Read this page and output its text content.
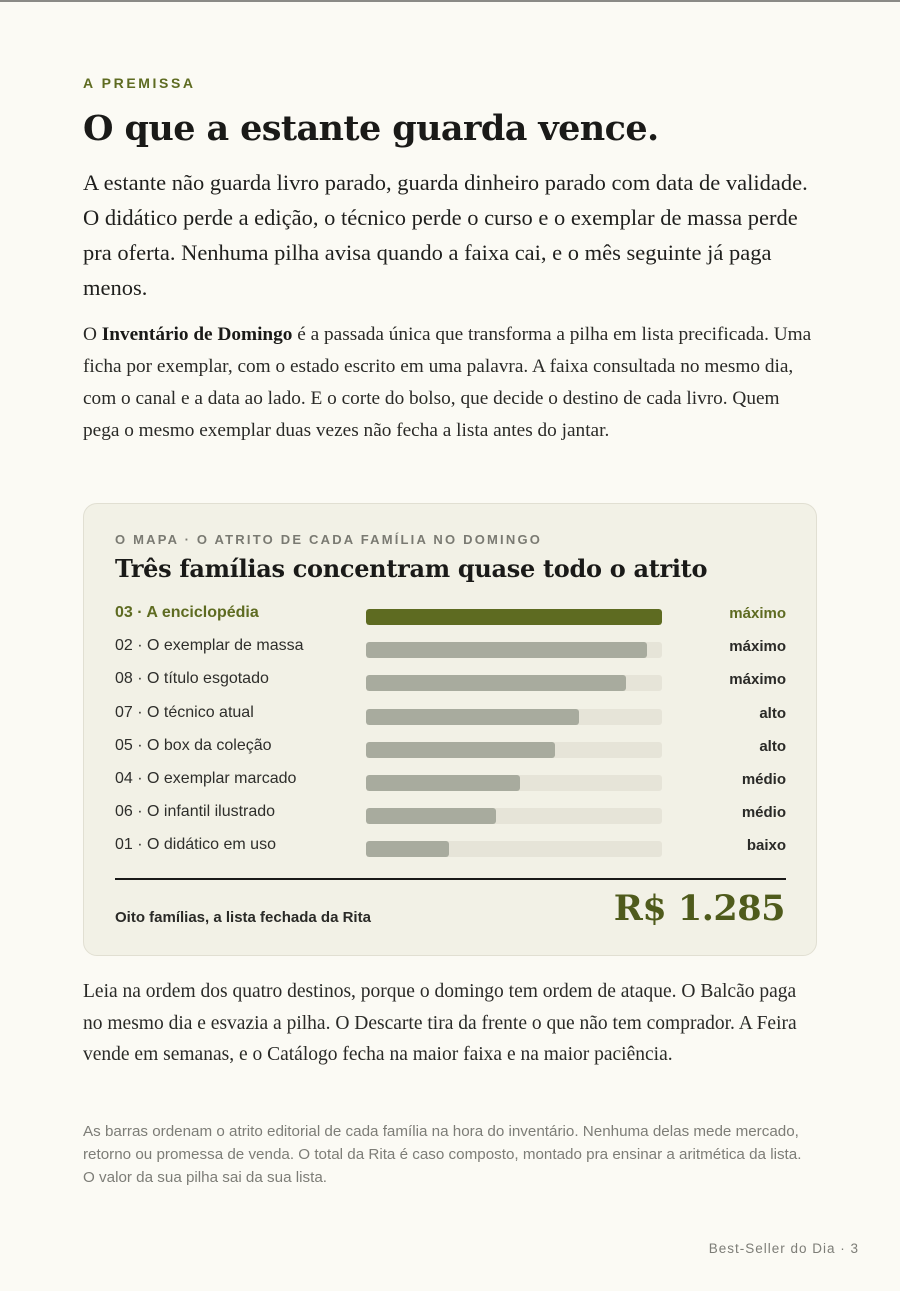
A PREMISSA
O que a estante guarda vence.

A estante não guarda livro parado, guarda dinheiro parado com data de validade. O didático perde a edição, o técnico perde o curso e o exemplar de massa perde pra oferta. Nenhuma pilha avisa quando a faixa cai, e o mês seguinte já paga menos.

O Inventário de Domingo é a passada única que transforma a pilha em lista precificada. Uma ficha por exemplar, com o estado escrito em uma palavra. A faixa consultada no mesmo dia, com o canal e a data ao lado. E o corte do bolso, que decide o destino de cada livro. Quem pega o mesmo exemplar duas vezes não fecha a lista antes do jantar.

O MAPA · O ATRITO DE CADA FAMÍLIA NO DOMINGO
Três famílias concentram quase todo o atrito
03 · A enciclopédia	máximo
02 · O exemplar de massa	máximo
08 · O título esgotado	máximo
07 · O técnico atual	alto
05 · O box da coleção	alto
04 · O exemplar marcado	médio
06 · O infantil ilustrado	médio
01 · O didático em uso	baixo
Oito famílias, a lista fechada da Rita	R$ 1.285

Leia na ordem dos quatro destinos, porque o domingo tem ordem de ataque. O Balcão paga no mesmo dia e esvazia a pilha. O Descarte tira da frente o que não tem comprador. A Feira vende em semanas, e o Catálogo fecha na maior faixa e na maior paciência.

As barras ordenam o atrito editorial de cada família na hora do inventário. Nenhuma delas mede mercado, retorno ou promessa de venda. O total da Rita é caso composto, montado pra ensinar a aritmética da lista. O valor da sua pilha sai da sua lista.

Best-Seller do Dia · 3
